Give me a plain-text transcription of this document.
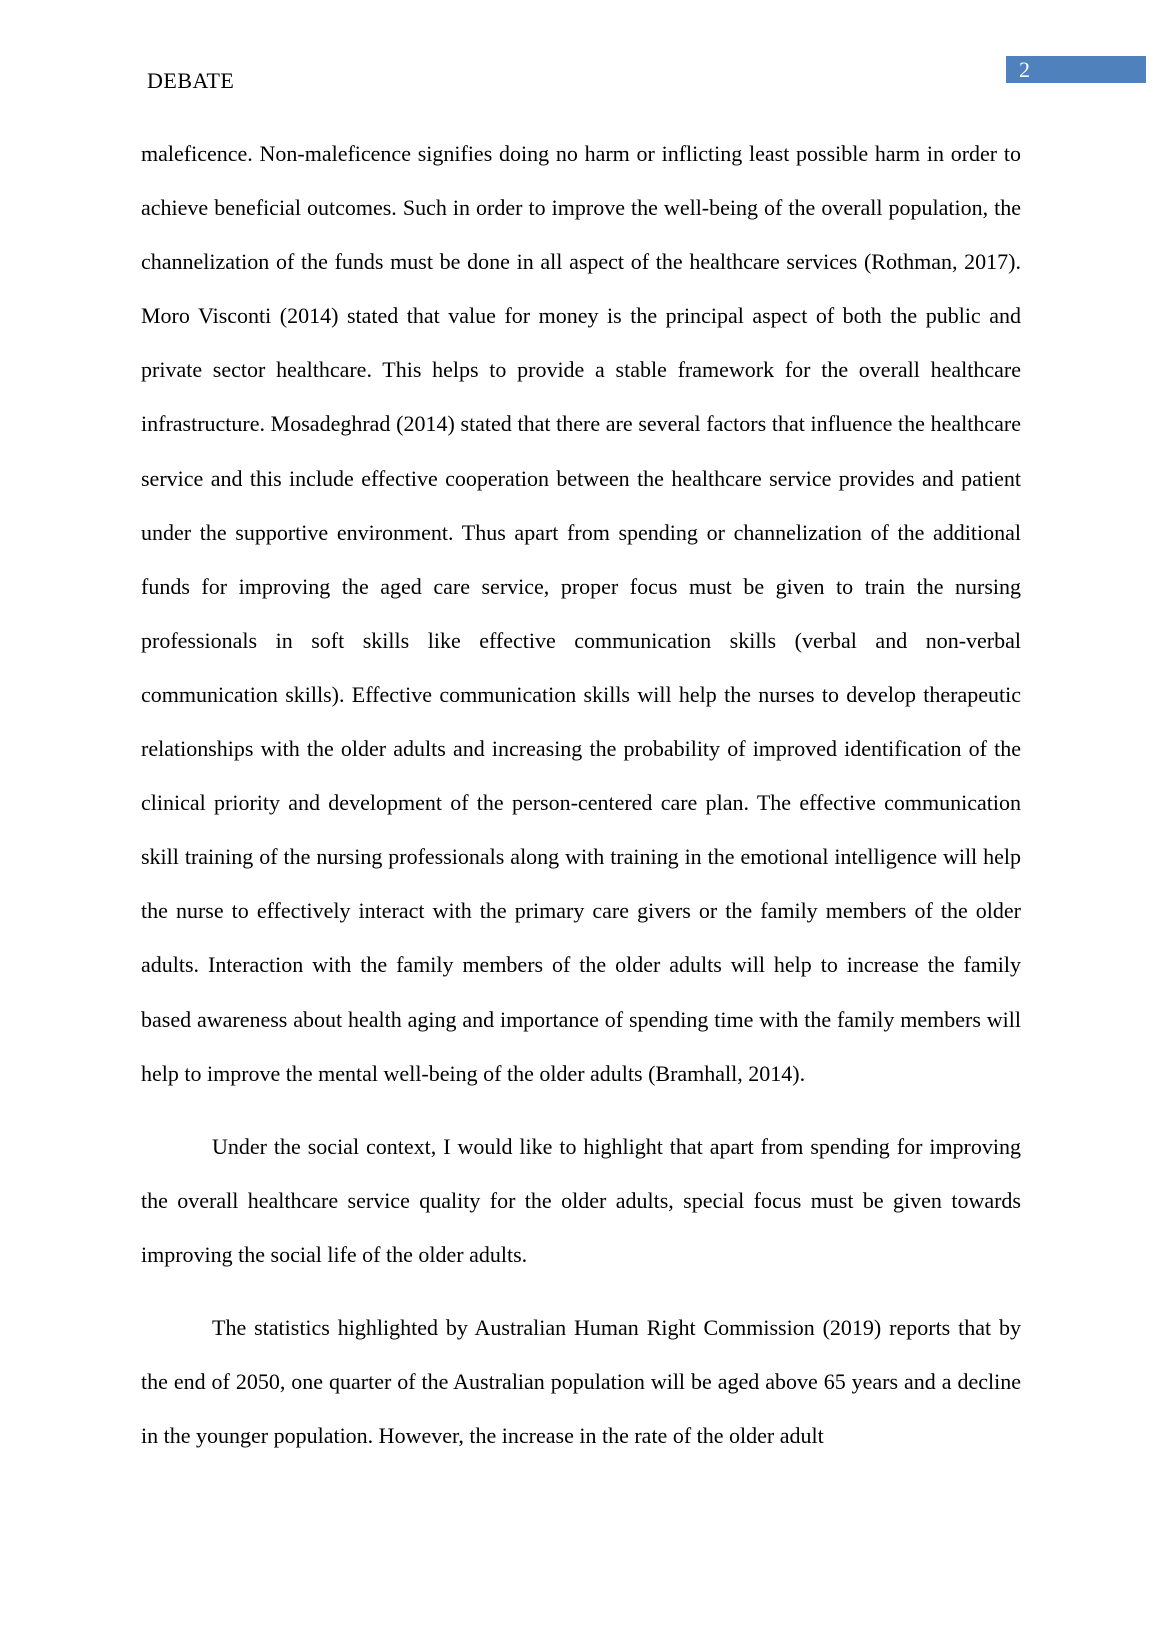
2
DEBATE

maleficence. Non-maleficence signifies doing no harm or inflicting least possible harm in order to achieve beneficial outcomes. Such in order to improve the well-being of the overall population, the channelization of the funds must be done in all aspect of the healthcare services (Rothman, 2017). Moro Visconti (2014) stated that value for money is the principal aspect of both the public and private sector healthcare. This helps to provide a stable framework for the overall healthcare infrastructure. Mosadeghrad (2014) stated that there are several factors that influence the healthcare service and this include effective cooperation between the healthcare service provides and patient under the supportive environment. Thus apart from spending or channelization of the additional funds for improving the aged care service, proper focus must be given to train the nursing professionals in soft skills like effective communication skills (verbal and non-verbal communication skills). Effective communication skills will help the nurses to develop therapeutic relationships with the older adults and increasing the probability of improved identification of the clinical priority and development of the person-centered care plan. The effective communication skill training of the nursing professionals along with training in the emotional intelligence will help the nurse to effectively interact with the primary care givers or the family members of the older adults. Interaction with the family members of the older adults will help to increase the family based awareness about health aging and importance of spending time with the family members will help to improve the mental well-being of the older adults (Bramhall, 2014).

Under the social context, I would like to highlight that apart from spending for improving the overall healthcare service quality for the older adults, special focus must be given towards improving the social life of the older adults.

The statistics highlighted by Australian Human Right Commission (2019) reports that by the end of 2050, one quarter of the Australian population will be aged above 65 years and a decline in the younger population. However, the increase in the rate of the older adult
